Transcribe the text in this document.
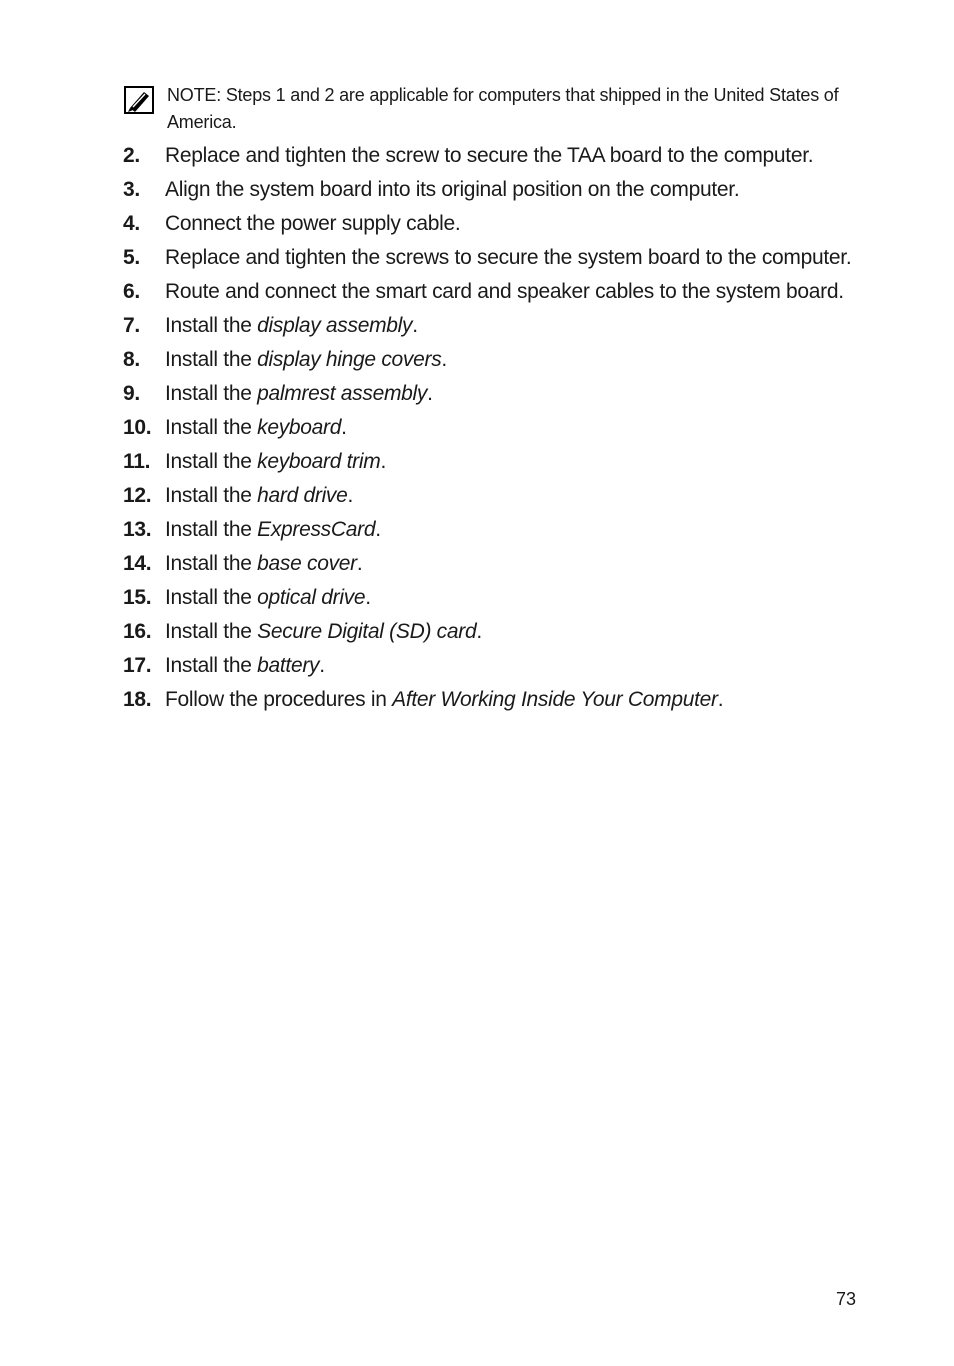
NOTE: Steps 1 and 2 are applicable for computers that shipped in the United States of America.
2. Replace and tighten the screw to secure the TAA board to the computer.
3. Align the system board into its original position on the computer.
4. Connect the power supply cable.
5. Replace and tighten the screws to secure the system board to the computer.
6. Route and connect the smart card and speaker cables to the system board.
7. Install the display assembly.
8. Install the display hinge covers.
9. Install the palmrest assembly.
10. Install the keyboard.
11. Install the keyboard trim.
12. Install the hard drive.
13. Install the ExpressCard.
14. Install the base cover.
15. Install the optical drive.
16. Install the Secure Digital (SD) card.
17. Install the battery.
18. Follow the procedures in After Working Inside Your Computer.
73
